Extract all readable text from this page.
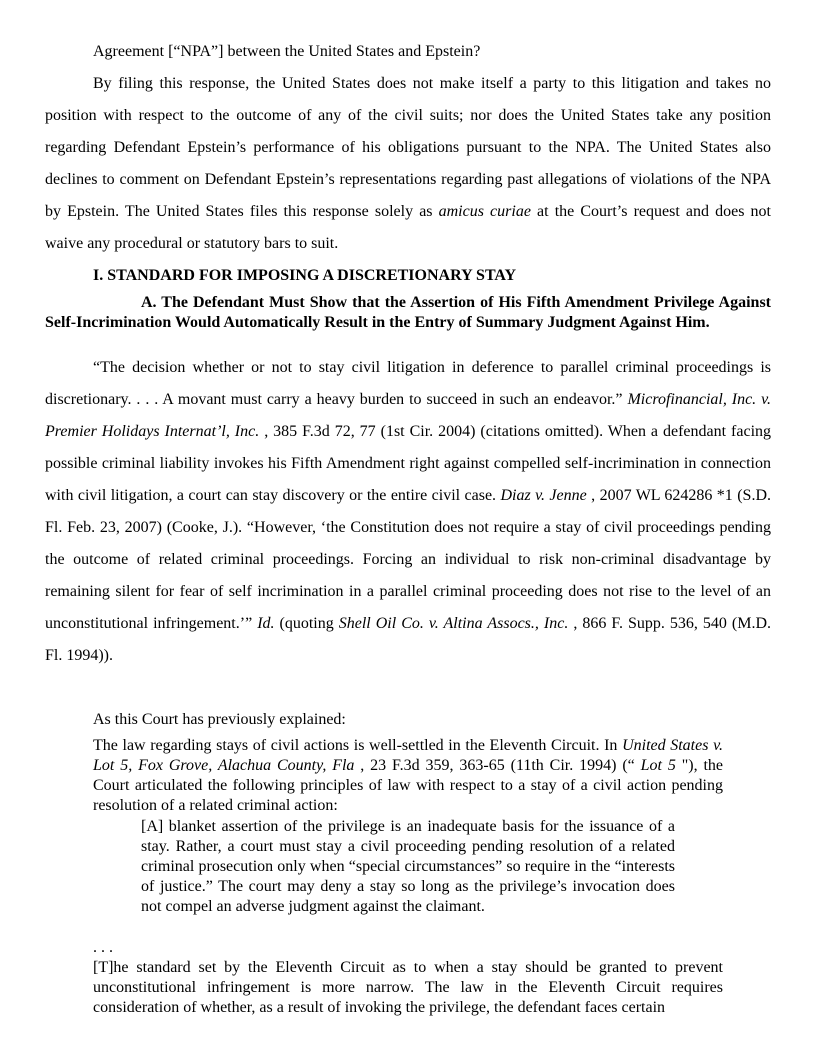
Agreement [“NPA”] between the United States and Epstein?

By filing this response, the United States does not make itself a party to this litigation and takes no position with respect to the outcome of any of the civil suits; nor does the United States take any position regarding Defendant Epstein’s performance of his obligations pursuant to the NPA. The United States also declines to comment on Defendant Epstein’s representations regarding past allegations of violations of the NPA by Epstein. The United States files this response solely as amicus curiae at the Court’s request and does not waive any procedural or statutory bars to suit.

I. STANDARD FOR IMPOSING A DISCRETIONARY STAY
A. The Defendant Must Show that the Assertion of His Fifth Amendment Privilege Against Self-Incrimination Would Automatically Result in the Entry of Summary Judgment Against Him.

“The decision whether or not to stay civil litigation in deference to parallel criminal proceedings is discretionary. . . . A movant must carry a heavy burden to succeed in such an endeavor.” Microfinancial, Inc. v. Premier Holidays Internat’l, Inc. , 385 F.3d 72, 77 (1st Cir. 2004) (citations omitted). When a defendant facing possible criminal liability invokes his Fifth Amendment right against compelled self-incrimination in connection with civil litigation, a court can stay discovery or the entire civil case. Diaz v. Jenne , 2007 WL 624286 *1 (S.D. Fl. Feb. 23, 2007) (Cooke, J.). “However, ‘the Constitution does not require a stay of civil proceedings pending the outcome of related criminal proceedings. Forcing an individual to risk non-criminal disadvantage by remaining silent for fear of self incrimination in a parallel criminal proceeding does not rise to the level of an unconstitutional infringement.’” Id. (quoting Shell Oil Co. v. Altina Assocs., Inc. , 866 F. Supp. 536, 540 (M.D. Fl. 1994)).

As this Court has previously explained:
The law regarding stays of civil actions is well-settled in the Eleventh Circuit. In United States v. Lot 5, Fox Grove, Alachua County, Fla , 23 F.3d 359, 363-65 (11th Cir. 1994) (“ Lot 5 "), the Court articulated the following principles of law with respect to a stay of a civil action pending resolution of a related criminal action:
[A] blanket assertion of the privilege is an inadequate basis for the issuance of a stay. Rather, a court must stay a civil proceeding pending resolution of a related criminal prosecution only when “special circumstances” so require in the “interests of justice.” The court may deny a stay so long as the privilege’s invocation does not compel an adverse judgment against the claimant.
. . .
[T]he standard set by the Eleventh Circuit as to when a stay should be granted to prevent unconstitutional infringement is more narrow. The law in the Eleventh Circuit requires consideration of whether, as a result of invoking the privilege, the defendant faces certain
